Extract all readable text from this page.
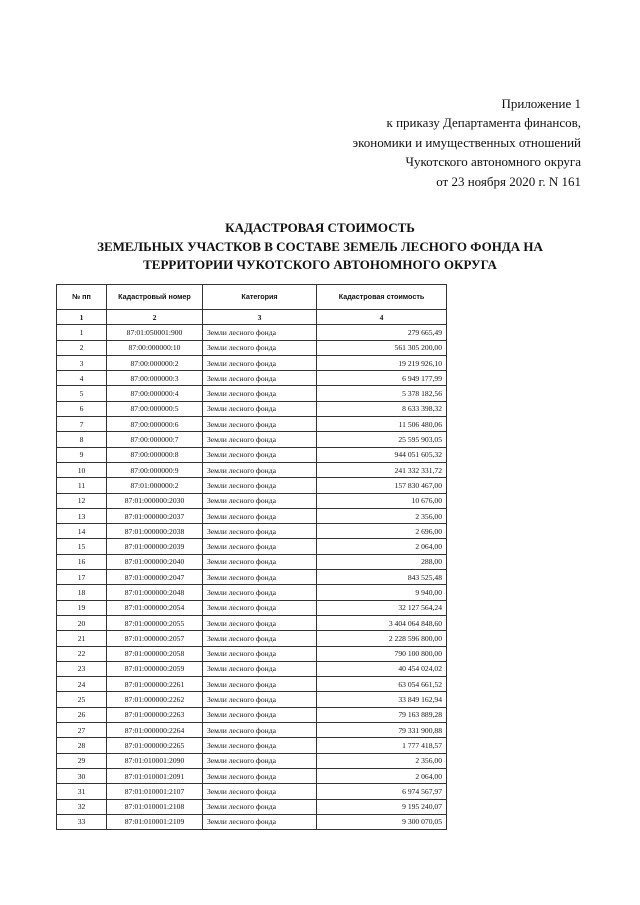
Приложение 1
к приказу Департамента финансов,
экономики и имущественных отношений
Чукотского автономного округа
от 23 ноября 2020 г. N 161
КАДАСТРОВАЯ СТОИМОСТЬ
ЗЕМЕЛЬНЫХ УЧАСТКОВ В СОСТАВЕ ЗЕМЕЛЬ ЛЕСНОГО ФОНДА НА
ТЕРРИТОРИИ ЧУКОТСКОГО АВТОНОМНОГО ОКРУГА
№ пп	Кадастровый номер	Категория	Кадастровая стоимость
1	2	3	4
1	87:01:050001:900	Земли лесного фонда	279 665,49
2	87:00:000000:10	Земли лесного фонда	561 305 200,00
3	87:00:000000:2	Земли лесного фонда	19 219 926,10
4	87:00:000000:3	Земли лесного фонда	6 949 177,99
5	87:00:000000:4	Земли лесного фонда	5 378 182,56
6	87:00:000000:5	Земли лесного фонда	8 633 398,32
7	87:00:000000:6	Земли лесного фонда	11 506 480,06
8	87:00:000000:7	Земли лесного фонда	25 595 903,05
9	87:00:000000:8	Земли лесного фонда	944 051 605,32
10	87:00:000000:9	Земли лесного фонда	241 332 331,72
11	87:01:000000:2	Земли лесного фонда	157 830 467,00
12	87:01:000000:2030	Земли лесного фонда	10 676,00
13	87:01:000000:2037	Земли лесного фонда	2 356,00
14	87:01:000000:2038	Земли лесного фонда	2 696,00
15	87:01:000000:2039	Земли лесного фонда	2 064,00
16	87:01:000000:2040	Земли лесного фонда	288,00
17	87:01:000000:2047	Земли лесного фонда	843 525,48
18	87:01:000000:2048	Земли лесного фонда	9 940,00
19	87:01:000000:2054	Земли лесного фонда	32 127 564,24
20	87:01:000000:2055	Земли лесного фонда	3 404 064 848,60
21	87:01:000000:2057	Земли лесного фонда	2 228 596 800,00
22	87:01:000000:2058	Земли лесного фонда	790 100 800,00
23	87:01:000000:2059	Земли лесного фонда	40 454 024,02
24	87:01:000000:2261	Земли лесного фонда	63 054 661,52
25	87:01:000000:2262	Земли лесного фонда	33 849 162,94
26	87:01:000000:2263	Земли лесного фонда	79 163 889,28
27	87:01:000000:2264	Земли лесного фонда	79 331 900,88
28	87:01:000000:2265	Земли лесного фонда	1 777 418,57
29	87:01:010001:2090	Земли лесного фонда	2 356,00
30	87:01:010001:2091	Земли лесного фонда	2 064,00
31	87:01:010001:2107	Земли лесного фонда	6 974 567,97
32	87:01:010001:2108	Земли лесного фонда	9 195 240,07
33	87:01:010001:2109	Земли лесного фонда	9 300 070,05
